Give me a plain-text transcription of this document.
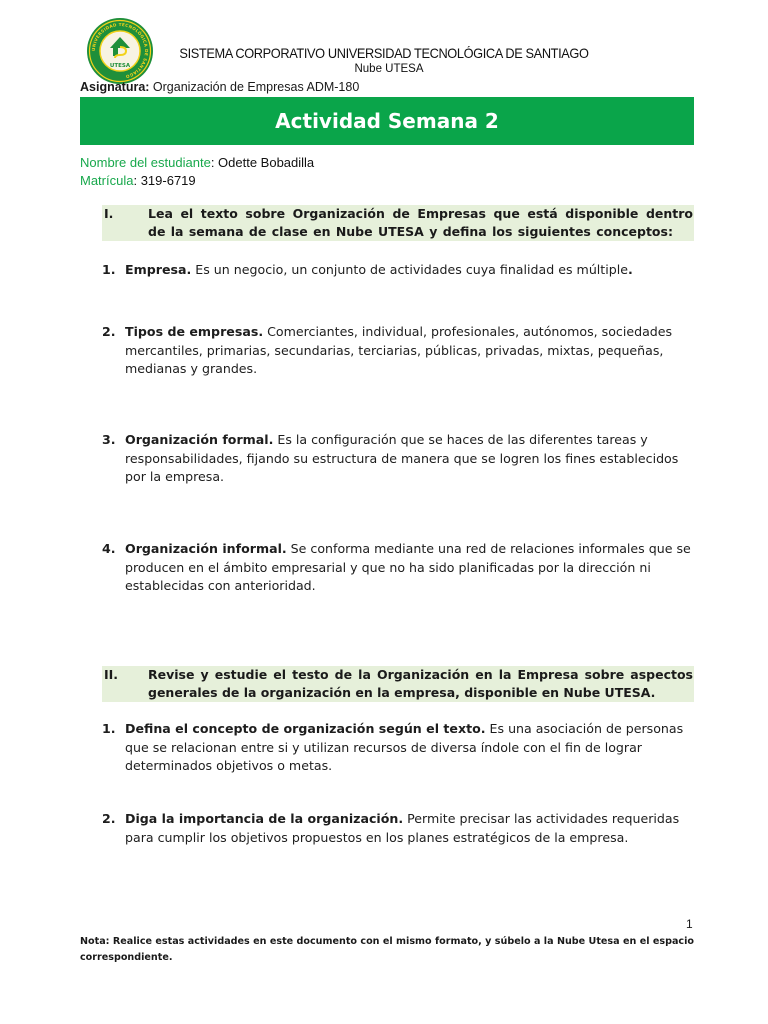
UNIVERSIDAD TECNOLÓGICA DE SANTIAGO
UTESA
SISTEMA CORPORATIVO UNIVERSIDAD TECNOLÓGICA DE SANTIAGO
Nube UTESA
Asignatura: Organización de Empresas ADM-180
Actividad Semana 2
Nombre del estudiante: Odette Bobadilla
Matrícula: 319-6719
I.	Lea el texto sobre Organización de Empresas que está disponible dentro de la semana de clase en Nube UTESA y defina los siguientes conceptos:
1. Empresa. Es un negocio, un conjunto de actividades cuya finalidad es múltiple.
2. Tipos de empresas. Comerciantes, individual, profesionales, autónomos, sociedades mercantiles, primarias, secundarias, terciarias, públicas, privadas, mixtas, pequeñas, medianas y grandes.
3. Organización formal. Es la configuración que se haces de las diferentes tareas y responsabilidades, fijando su estructura de manera que se logren los fines establecidos por la empresa.
4. Organización informal. Se conforma mediante una red de relaciones informales que se producen en el ámbito empresarial y que no ha sido planificadas por la dirección ni establecidas con anterioridad.
II. Revise y estudie el testo de la Organización en la Empresa sobre aspectos generales de la organización en la empresa, disponible en Nube UTESA.
1. Defina el concepto de organización según el texto. Es una asociación de personas que se relacionan entre si y utilizan recursos de diversa índole con el fin de lograr determinados objetivos o metas.
2. Diga la importancia de la organización. Permite precisar las actividades requeridas para cumplir los objetivos propuestos en los planes estratégicos de la empresa.
1
Nota: Realice estas actividades en este documento con el mismo formato, y súbelo a la Nube Utesa en el espacio correspondiente.
